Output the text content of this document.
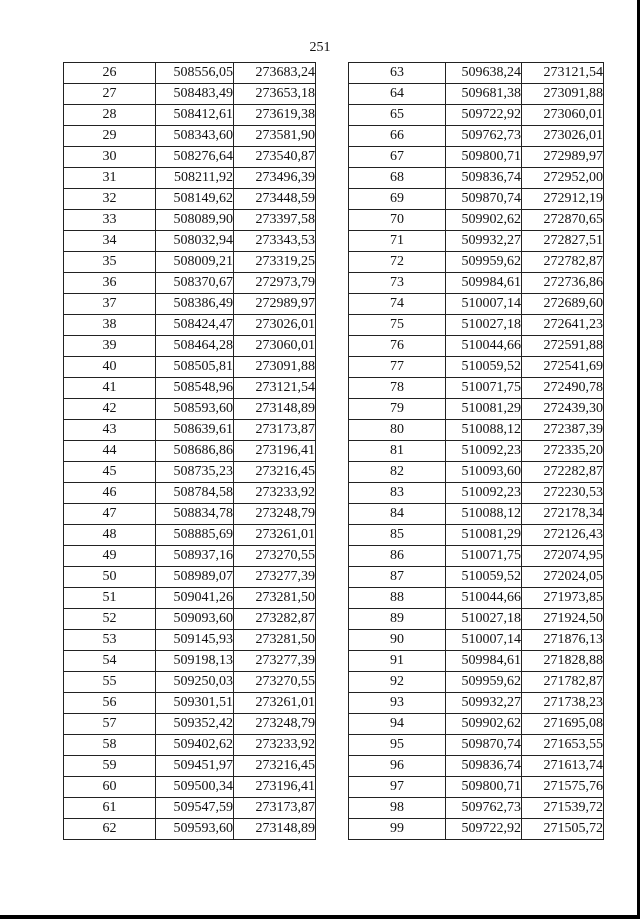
251
26	508556,05	273683,24
27	508483,49	273653,18
28	508412,61	273619,38
29	508343,60	273581,90
30	508276,64	273540,87
31	508211,92	273496,39
32	508149,62	273448,59
33	508089,90	273397,58
34	508032,94	273343,53
35	508009,21	273319,25
36	508370,67	272973,79
37	508386,49	272989,97
38	508424,47	273026,01
39	508464,28	273060,01
40	508505,81	273091,88
41	508548,96	273121,54
42	508593,60	273148,89
43	508639,61	273173,87
44	508686,86	273196,41
45	508735,23	273216,45
46	508784,58	273233,92
47	508834,78	273248,79
48	508885,69	273261,01
49	508937,16	273270,55
50	508989,07	273277,39
51	509041,26	273281,50
52	509093,60	273282,87
53	509145,93	273281,50
54	509198,13	273277,39
55	509250,03	273270,55
56	509301,51	273261,01
57	509352,42	273248,79
58	509402,62	273233,92
59	509451,97	273216,45
60	509500,34	273196,41
61	509547,59	273173,87
62	509593,60	273148,89
63	509638,24	273121,54
64	509681,38	273091,88
65	509722,92	273060,01
66	509762,73	273026,01
67	509800,71	272989,97
68	509836,74	272952,00
69	509870,74	272912,19
70	509902,62	272870,65
71	509932,27	272827,51
72	509959,62	272782,87
73	509984,61	272736,86
74	510007,14	272689,60
75	510027,18	272641,23
76	510044,66	272591,88
77	510059,52	272541,69
78	510071,75	272490,78
79	510081,29	272439,30
80	510088,12	272387,39
81	510092,23	272335,20
82	510093,60	272282,87
83	510092,23	272230,53
84	510088,12	272178,34
85	510081,29	272126,43
86	510071,75	272074,95
87	510059,52	272024,05
88	510044,66	271973,85
89	510027,18	271924,50
90	510007,14	271876,13
91	509984,61	271828,88
92	509959,62	271782,87
93	509932,27	271738,23
94	509902,62	271695,08
95	509870,74	271653,55
96	509836,74	271613,74
97	509800,71	271575,76
98	509762,73	271539,72
99	509722,92	271505,72
